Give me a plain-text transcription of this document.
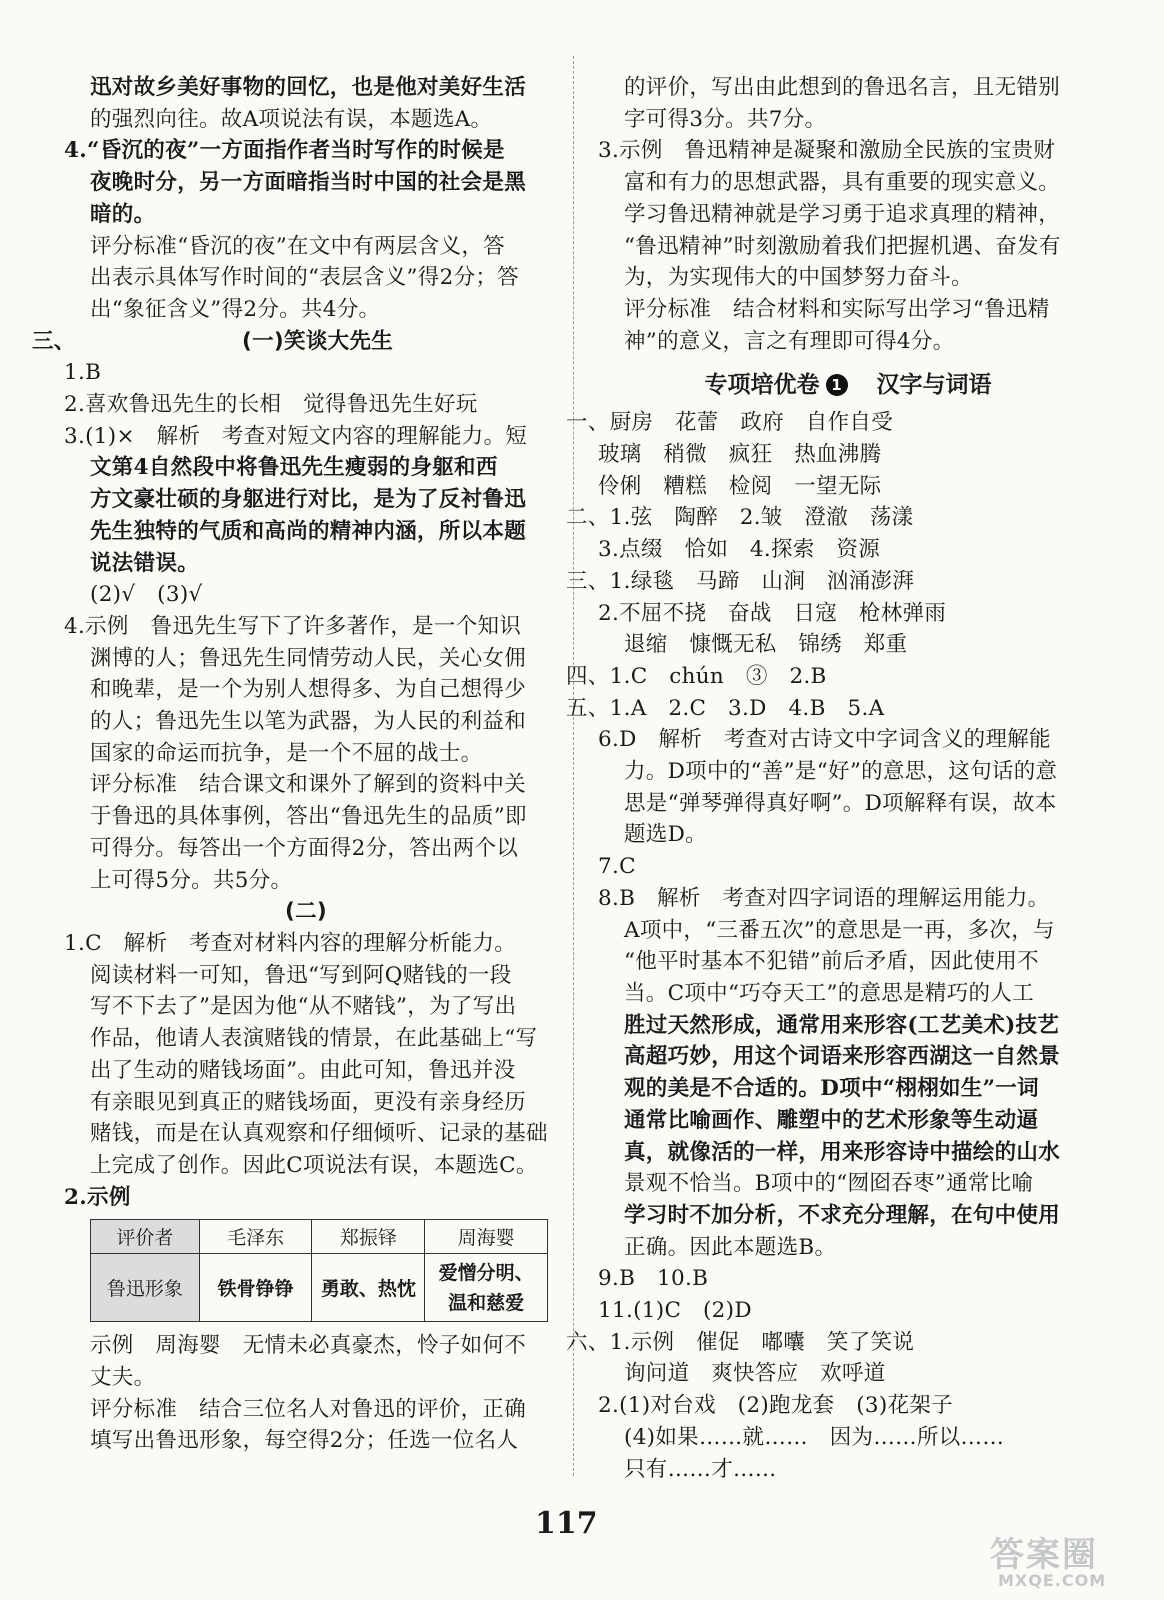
迅对故乡美好事物的回忆，也是他对美好生活
的强烈向往。故A项说法有误，本题选A。
4.“昏沉的夜”一方面指作者当时写作的时候是
夜晚时分，另一方面暗指当时中国的社会是黑
暗的。
评分标准“昏沉的夜”在文中有两层含义，答
出表示具体写作时间的“表层含义”得2分；答
出“象征含义”得2分。共4分。
三、	(一)笑谈大先生
1.B
2.喜欢鲁迅先生的长相　觉得鲁迅先生好玩
3.(1)×　解析　考查对短文内容的理解能力。短
文第4自然段中将鲁迅先生瘦弱的身躯和西
方文豪壮硕的身躯进行对比，是为了反衬鲁迅
先生独特的气质和高尚的精神内涵，所以本题
说法错误。
(2)√　(3)√
4.示例　鲁迅先生写下了许多著作，是一个知识
渊博的人；鲁迅先生同情劳动人民，关心女佣
和晚辈，是一个为别人想得多、为自己想得少
的人；鲁迅先生以笔为武器，为人民的利益和
国家的命运而抗争，是一个不屈的战士。
评分标准　结合课文和课外了解到的资料中关
于鲁迅的具体事例，答出“鲁迅先生的品质”即
可得分。每答出一个方面得2分，答出两个以
上可得5分。共5分。
(二)
1.C　解析　考查对材料内容的理解分析能力。
阅读材料一可知，鲁迅“写到阿Q赌钱的一段
写不下去了”是因为他“从不赌钱”，为了写出
作品，他请人表演赌钱的情景，在此基础上“写
出了生动的赌钱场面”。由此可知，鲁迅并没
有亲眼见到真正的赌钱场面，更没有亲身经历
赌钱，而是在认真观察和仔细倾听、记录的基础
上完成了创作。因此C项说法有误，本题选C。
2.示例
评价者	毛泽东	郑振铎	周海婴
鲁迅形象	铁骨铮铮	勇敢、热忱	爱憎分明、
温和慈爱
示例　周海婴　无情未必真豪杰，怜子如何不
丈夫。
评分标准　结合三位名人对鲁迅的评价，正确
填写出鲁迅形象，每空得2分；任选一位名人
的评价，写出由此想到的鲁迅名言，且无错别
字可得3分。共7分。
3.示例　鲁迅精神是凝聚和激励全民族的宝贵财
富和有力的思想武器，具有重要的现实意义。
学习鲁迅精神就是学习勇于追求真理的精神，
“鲁迅精神”时刻激励着我们把握机遇、奋发有
为，为实现伟大的中国梦努力奋斗。
评分标准　结合材料和实际写出学习“鲁迅精
神”的意义，言之有理即可得4分。
专项培优卷 1　 汉字与词语
一、厨房　花蕾　政府　自作自受
玻璃　稍微　疯狂　热血沸腾
伶俐　糟糕　检阅　一望无际
二、1.弦　陶醉　2.皱　澄澈　荡漾
3.点缀　恰如　4.探索　资源
三、1.绿毯　马蹄　山涧　汹涌澎湃
2.不屈不挠　奋战　日寇　枪林弹雨
退缩　慷慨无私　锦绣　郑重
四、1.C　chún　③　2.B
五、1.A　2.C　3.D　4.B　5.A
6.D　解析　考查对古诗文中字词含义的理解能
力。D项中的“善”是“好”的意思，这句话的意
思是“弹琴弹得真好啊”。D项解释有误，故本
题选D。
7.C
8.B　解析　考查对四字词语的理解运用能力。
A项中，“三番五次”的意思是一再，多次，与
“他平时基本不犯错”前后矛盾，因此使用不
当。C项中“巧夺天工”的意思是精巧的人工
胜过天然形成，通常用来形容(工艺美术)技艺
高超巧妙，用这个词语来形容西湖这一自然景
观的美是不合适的。D项中“栩栩如生”一词
通常比喻画作、雕塑中的艺术形象等生动逼
真，就像活的一样，用来形容诗中描绘的山水
景观不恰当。B项中的“囫囵吞枣”通常比喻
学习时不加分析，不求充分理解，在句中使用
正确。因此本题选B。
9.B　10.B
11.(1)C　(2)D
六、1.示例　催促　嘟囔　笑了笑说
询问道　爽快答应　欢呼道
2.(1)对台戏　(2)跑龙套　(3)花架子
(4)如果……就……　因为……所以……
只有……才……
117
答案圈
MXQE.COM
